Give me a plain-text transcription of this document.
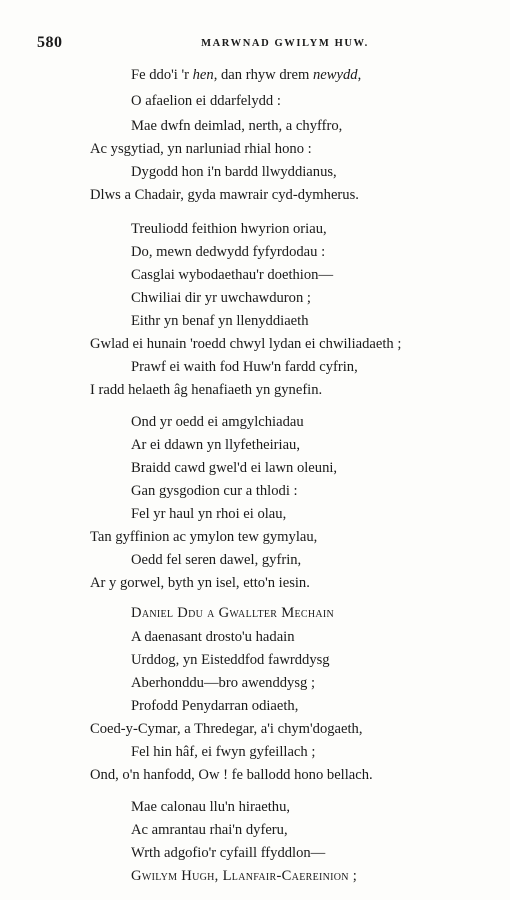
580	MARWNAD GWILYM HUW.
Fe ddo'i 'r hen, dan rhyw drem newydd,
O afaelion ei ddarfelydd :
Mae dwfn deimlad, nerth, a chyffro,
Ac ysgytiad, yn narluniad rhial hono :
Dygodd hon i'n bardd llwyddianus,
Dlws a Chadair, gyda mawrair cyd-dymherus.
Treuliodd feithion hwyrion oriau,
Do, mewn dedwydd fyfyrdodau :
Casglai wybodaethau'r doethion—
Chwiliai dir yr uwchawduron ;
Eithr yn benaf yn llenyddiaeth
Gwlad ei hunain 'roedd chwyl lydan ei chwiliadaeth ;
Prawf ei waith fod Huw'n fardd cyfrin,
I radd helaeth âg henafiaeth yn gynefin.
Ond yr oedd ei amgylchiadau
Ar ei ddawn yn llyfetheiriau,
Braidd cawd gwel'd ei lawn oleuni,
Gan gysgodion cur a thlodi :
Fel yr haul yn rhoi ei olau,
Tan gyffinion ac ymylon tew gymylau,
Oedd fel seren dawel, gyfrin,
Ar y gorwel, byth yn isel, etto'n iesin.
Daniel Ddu a Gwallter Mechain
A daenasant drosto'u hadain
Urddog, yn Eisteddfod fawrddysg
Aberhonddu—bro awenddysg ;
Profodd Penydarran odiaeth,
Coed-y-Cymar, a Thredegar, a'i chym'dogaeth,
Fel hin hâf, ei fwyn gyfeillach ;
Ond, o'n hanfodd, Ow ! fe ballodd hono bellach.
Mae calonau llu'n hiraethu,
Ac amrantau rhai'n dyferu,
Wrth adgofio'r cyfaill ffyddlon—
Gwilym Hugh, Llanfair-Caereinion ;
